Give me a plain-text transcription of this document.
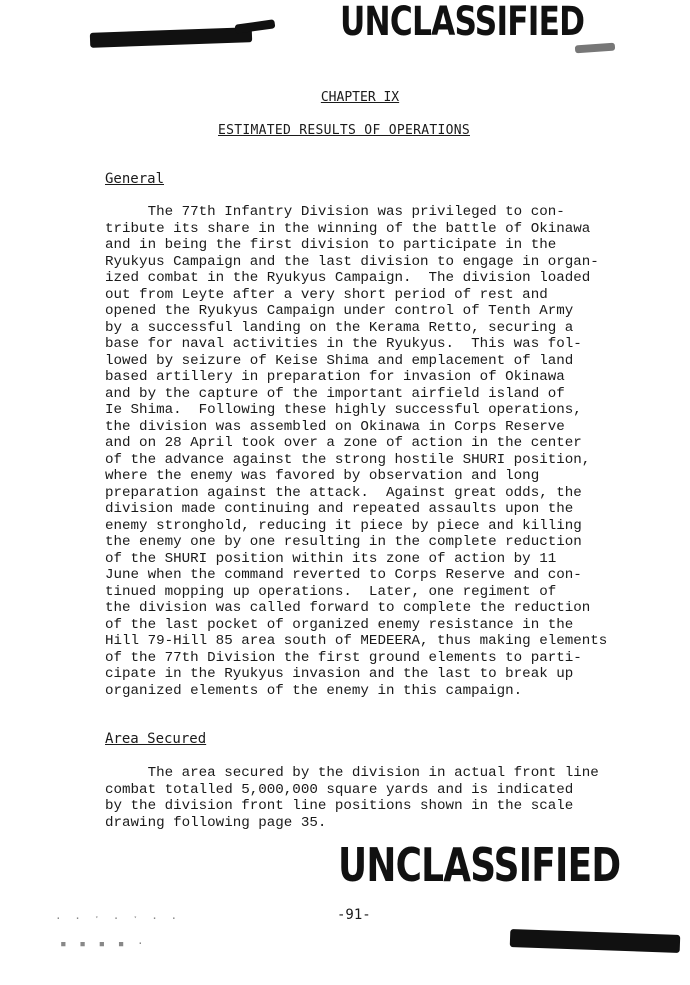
UNCLASSIFIED
CHAPTER IX
ESTIMATED RESULTS OF OPERATIONS
General
The 77th Infantry Division was privileged to con-
tribute its share in the winning of the battle of Okinawa
and in being the first division to participate in the
Ryukyus Campaign and the last division to engage in organ-
ized combat in the Ryukyus Campaign.  The division loaded
out from Leyte after a very short period of rest and
opened the Ryukyus Campaign under control of Tenth Army
by a successful landing on the Kerama Retto, securing a
base for naval activities in the Ryukyus.  This was fol-
lowed by seizure of Keise Shima and emplacement of land
based artillery in preparation for invasion of Okinawa
and by the capture of the important airfield island of
Ie Shima.  Following these highly successful operations,
the division was assembled on Okinawa in Corps Reserve
and on 28 April took over a zone of action in the center
of the advance against the strong hostile SHURI position,
where the enemy was favored by observation and long
preparation against the attack.  Against great odds, the
division made continuing and repeated assaults upon the
enemy stronghold, reducing it piece by piece and killing
the enemy one by one resulting in the complete reduction
of the SHURI position within its zone of action by 11
June when the command reverted to Corps Reserve and con-
tinued mopping up operations.  Later, one regiment of
the division was called forward to complete the reduction
of the last pocket of organized enemy resistance in the
Hill 79-Hill 85 area south of MEDEERA, thus making elements
of the 77th Division the first ground elements to parti-
cipate in the Ryukyus invasion and the last to break up
organized elements of the enemy in this campaign.

Area Secured
The area secured by the division in actual front line
combat totalled 5,000,000 square yards and is indicated
by the division front line positions shown in the scale
drawing following page 35.

UNCLASSIFIED
-91-
· · ˑ · ˑ · ·
▪ ▪ ▪ ▪ ·
